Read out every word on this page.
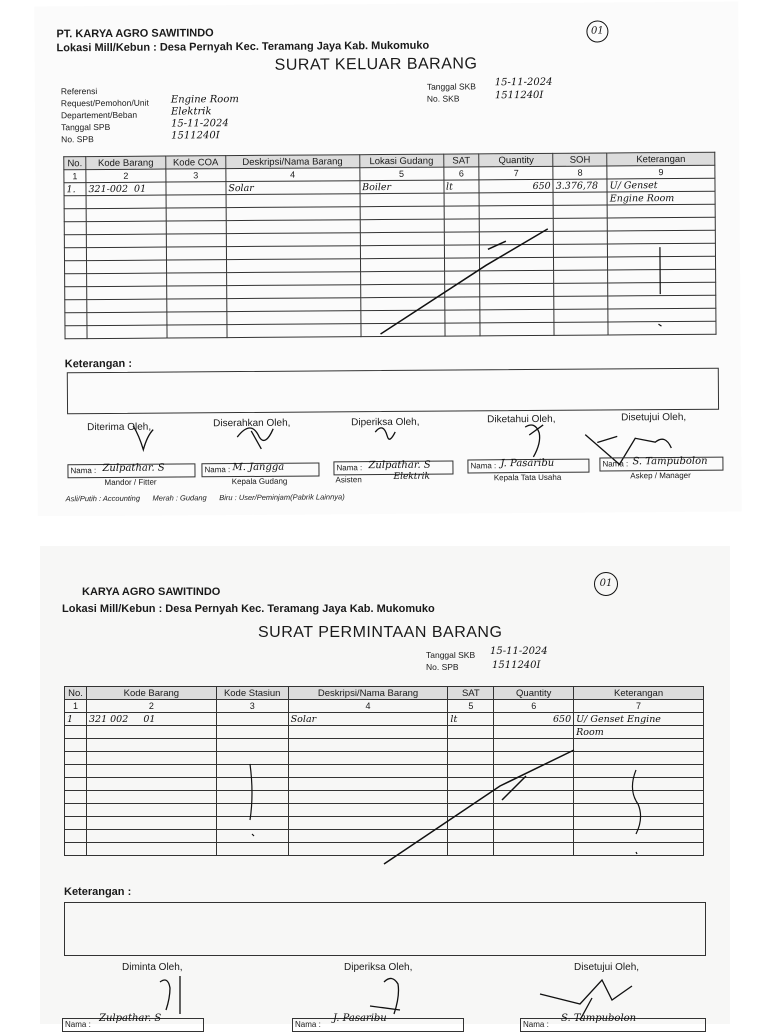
PT. KARYA AGRO SAWITINDO
Lokasi Mill/Kebun : Desa Pernyah Kec. Teramang Jaya Kab. Mukomuko
SURAT KELUAR BARANG
01
Referensi
Request/Pemohon/Unit
Departement/Beban
Tanggal SPB
No. SPB
Engine Room
Elektrik
15-11-2024
1511240I
Tanggal SKB
No. SKB
15-11-2024
1511240I
No.	Kode Barang	Kode COA	Deskripsi/Nama Barang	Lokasi Gudang	SAT	Quantity	SOH	Keterangan
1	2	3	4	5	6	7	8	9
1.	321-002 01		Solar	Boiler	lt	650	3.376,78	U/ Genset
								Engine Room

Keterangan :
Diterima Oleh,	Diserahkan Oleh,	Diperiksa Oleh,	Diketahui Oleh,	Disetujui Oleh,
Nama : Zulpathar. S
Mandor / Fitter
Nama : M. Jangga
Kepala Gudang
Nama : Zulpathar. S
Asisten	Elektrik
Nama : J. Pasaribu
Kepala Tata Usaha
Nama : S. Tampubolon
Askep / Manager
Asli/Putih : Accounting      Merah : Gudang      Biru : User/Peminjam(Pabrik Lainnya)
KARYA AGRO SAWITINDO
Lokasi Mill/Kebun : Desa Pernyah Kec. Teramang Jaya Kab. Mukomuko
SURAT PERMINTAAN BARANG
01
Tanggal SKB
No. SPB
15-11-2024
1511240I
No.	Kode Barang	Kode Stasiun	Deskripsi/Nama Barang	SAT	Quantity	Keterangan
1	2	3	4	5	6	7
1	321 002 01		Solar	lt	650	U/ Genset Engine
						Room

Keterangan :
Diminta Oleh,	Diperiksa Oleh,	Disetujui Oleh,
Nama :
Zulpathar. S
Nama :
J. Pasaribu
Nama :
S. Tampubolon
